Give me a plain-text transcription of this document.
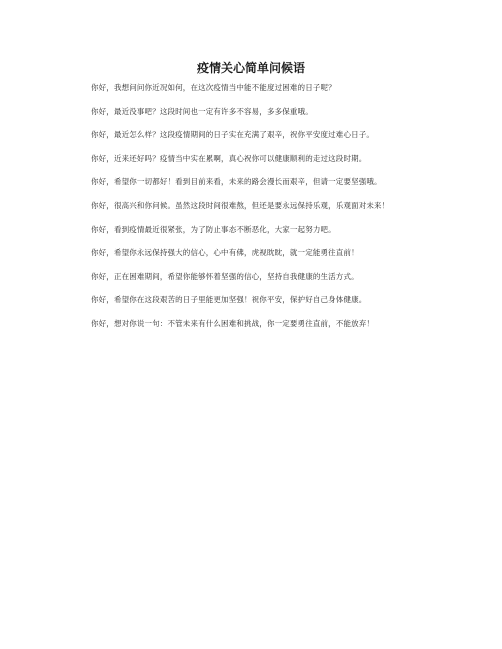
疫情关心简单问候语

你好，我想问问你近况如何，在这次疫情当中能不能度过困难的日子呢？

你好，最近没事吧？这段时间也一定有许多不容易，多多保重哦。

你好，最近怎么样？这段疫情期间的日子实在充满了艰辛，祝你平安度过难心日子。

你好，近来还好吗？疫情当中实在累啊，真心祝你可以健康顺利的走过这段时期。

你好，希望你一切都好！看到目前来看，未来的路会漫长而艰辛，但请一定要坚强哦。

你好，很高兴和你问候。虽然这段时间很难熬，但还是要永远保持乐观，乐观面对未来！

你好，看到疫情最近很紧张，为了防止事态不断恶化，大家一起努力吧。

你好，希望你永远保持强大的信心，心中有佛，虎视眈眈，就一定能勇往直前！

你好，正在困难期间，希望你能够怀着坚强的信心，坚持自我健康的生活方式。

你好，希望你在这段艰苦的日子里能更加坚强！祝你平安，保护好自己身体健康。

你好，想对你说一句：不管未来有什么困难和挑战，你一定要勇往直前，不能放弃！
